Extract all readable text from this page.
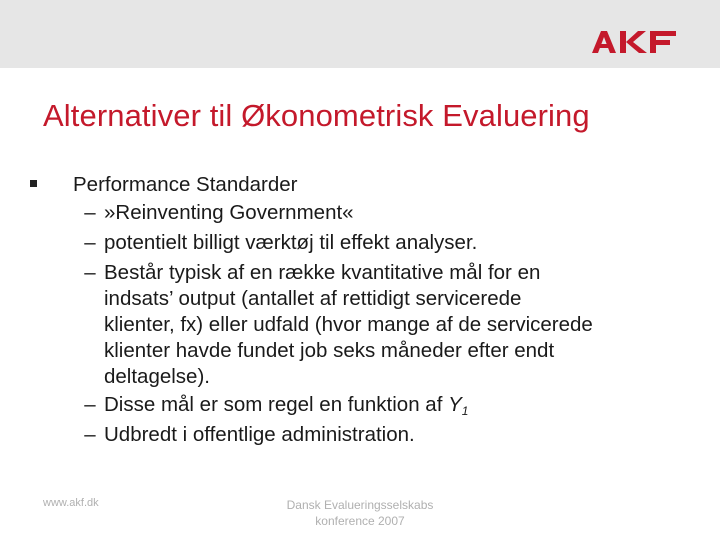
Alternativer til Økonometrisk Evaluering
Performance Standarder
– »Reinventing Government«
– potentielt billigt værktøj til effekt analyser.
– Består typisk af en række kvantitative mål for en
indsats’ output (antallet af rettidigt servicerede
klienter, fx) eller udfald (hvor mange af de servicerede
klienter havde fundet job seks måneder efter endt
deltagelse).
– Disse mål er som regel en funktion af $Y_1$
– Udbredt i offentlige administration.
www.akf.dk	Dansk Evalueringsselskabs
konference 2007
